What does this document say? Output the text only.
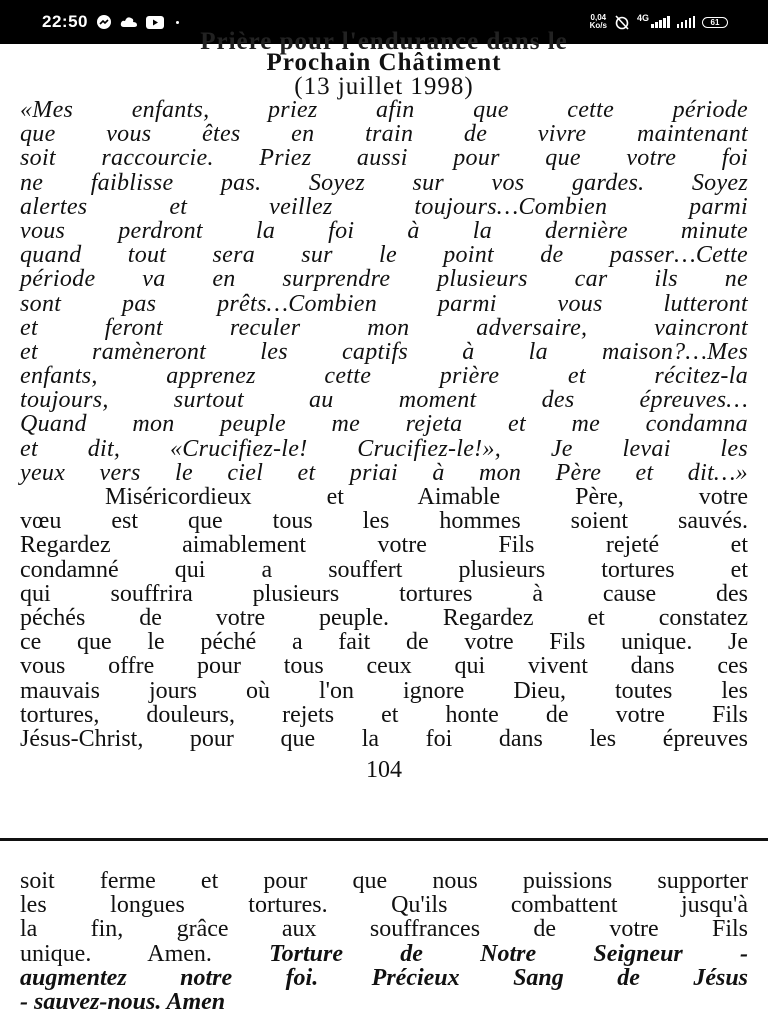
22:50	0,04
Ko/s
4G	61
Prière pour l'endurance dans le
Prochain Châtiment
(13 juillet 1998)
«Mes enfants, priez afin que cette période
que vous êtes en train de vivre maintenant
soit raccourcie. Priez aussi pour que votre foi
ne faiblisse pas. Soyez sur vos gardes. Soyez
alertes et veillez toujours…Combien parmi
vous perdront la foi à la dernière minute
quand tout sera sur le point de passer…Cette
période va en surprendre plusieurs car ils ne
sont pas prêts…Combien parmi vous lutteront
et feront reculer mon adversaire, vaincront
et ramèneront les captifs à la maison?…Mes
enfants, apprenez cette prière et récitez-la
toujours, surtout au moment des épreuves…
Quand mon peuple me rejeta et me condamna
et dit, «Crucifiez-le! Crucifiez-le!», Je levai les
yeux vers le ciel et priai à mon Père et dit…»
Miséricordieux et Aimable Père, votre
vœu est que tous les hommes soient sauvés.
Regardez aimablement votre Fils rejeté et
condamné qui a souffert plusieurs tortures et
qui souffrira plusieurs tortures à cause des
péchés de votre peuple. Regardez et constatez
ce que le péché a fait de votre Fils unique. Je
vous offre pour tous ceux qui vivent dans ces
mauvais jours où l'on ignore Dieu, toutes les
tortures, douleurs, rejets et honte de votre Fils
Jésus-Christ, pour que la foi dans les épreuves
104
soit ferme et pour que nous puissions supporter
les longues tortures. Qu'ils combattent jusqu'à
la fin, grâce aux souffrances de votre Fils
unique. Amen. Torture de Notre Seigneur -
augmentez notre foi. Précieux Sang de Jésus
- sauvez-nous. Amen
